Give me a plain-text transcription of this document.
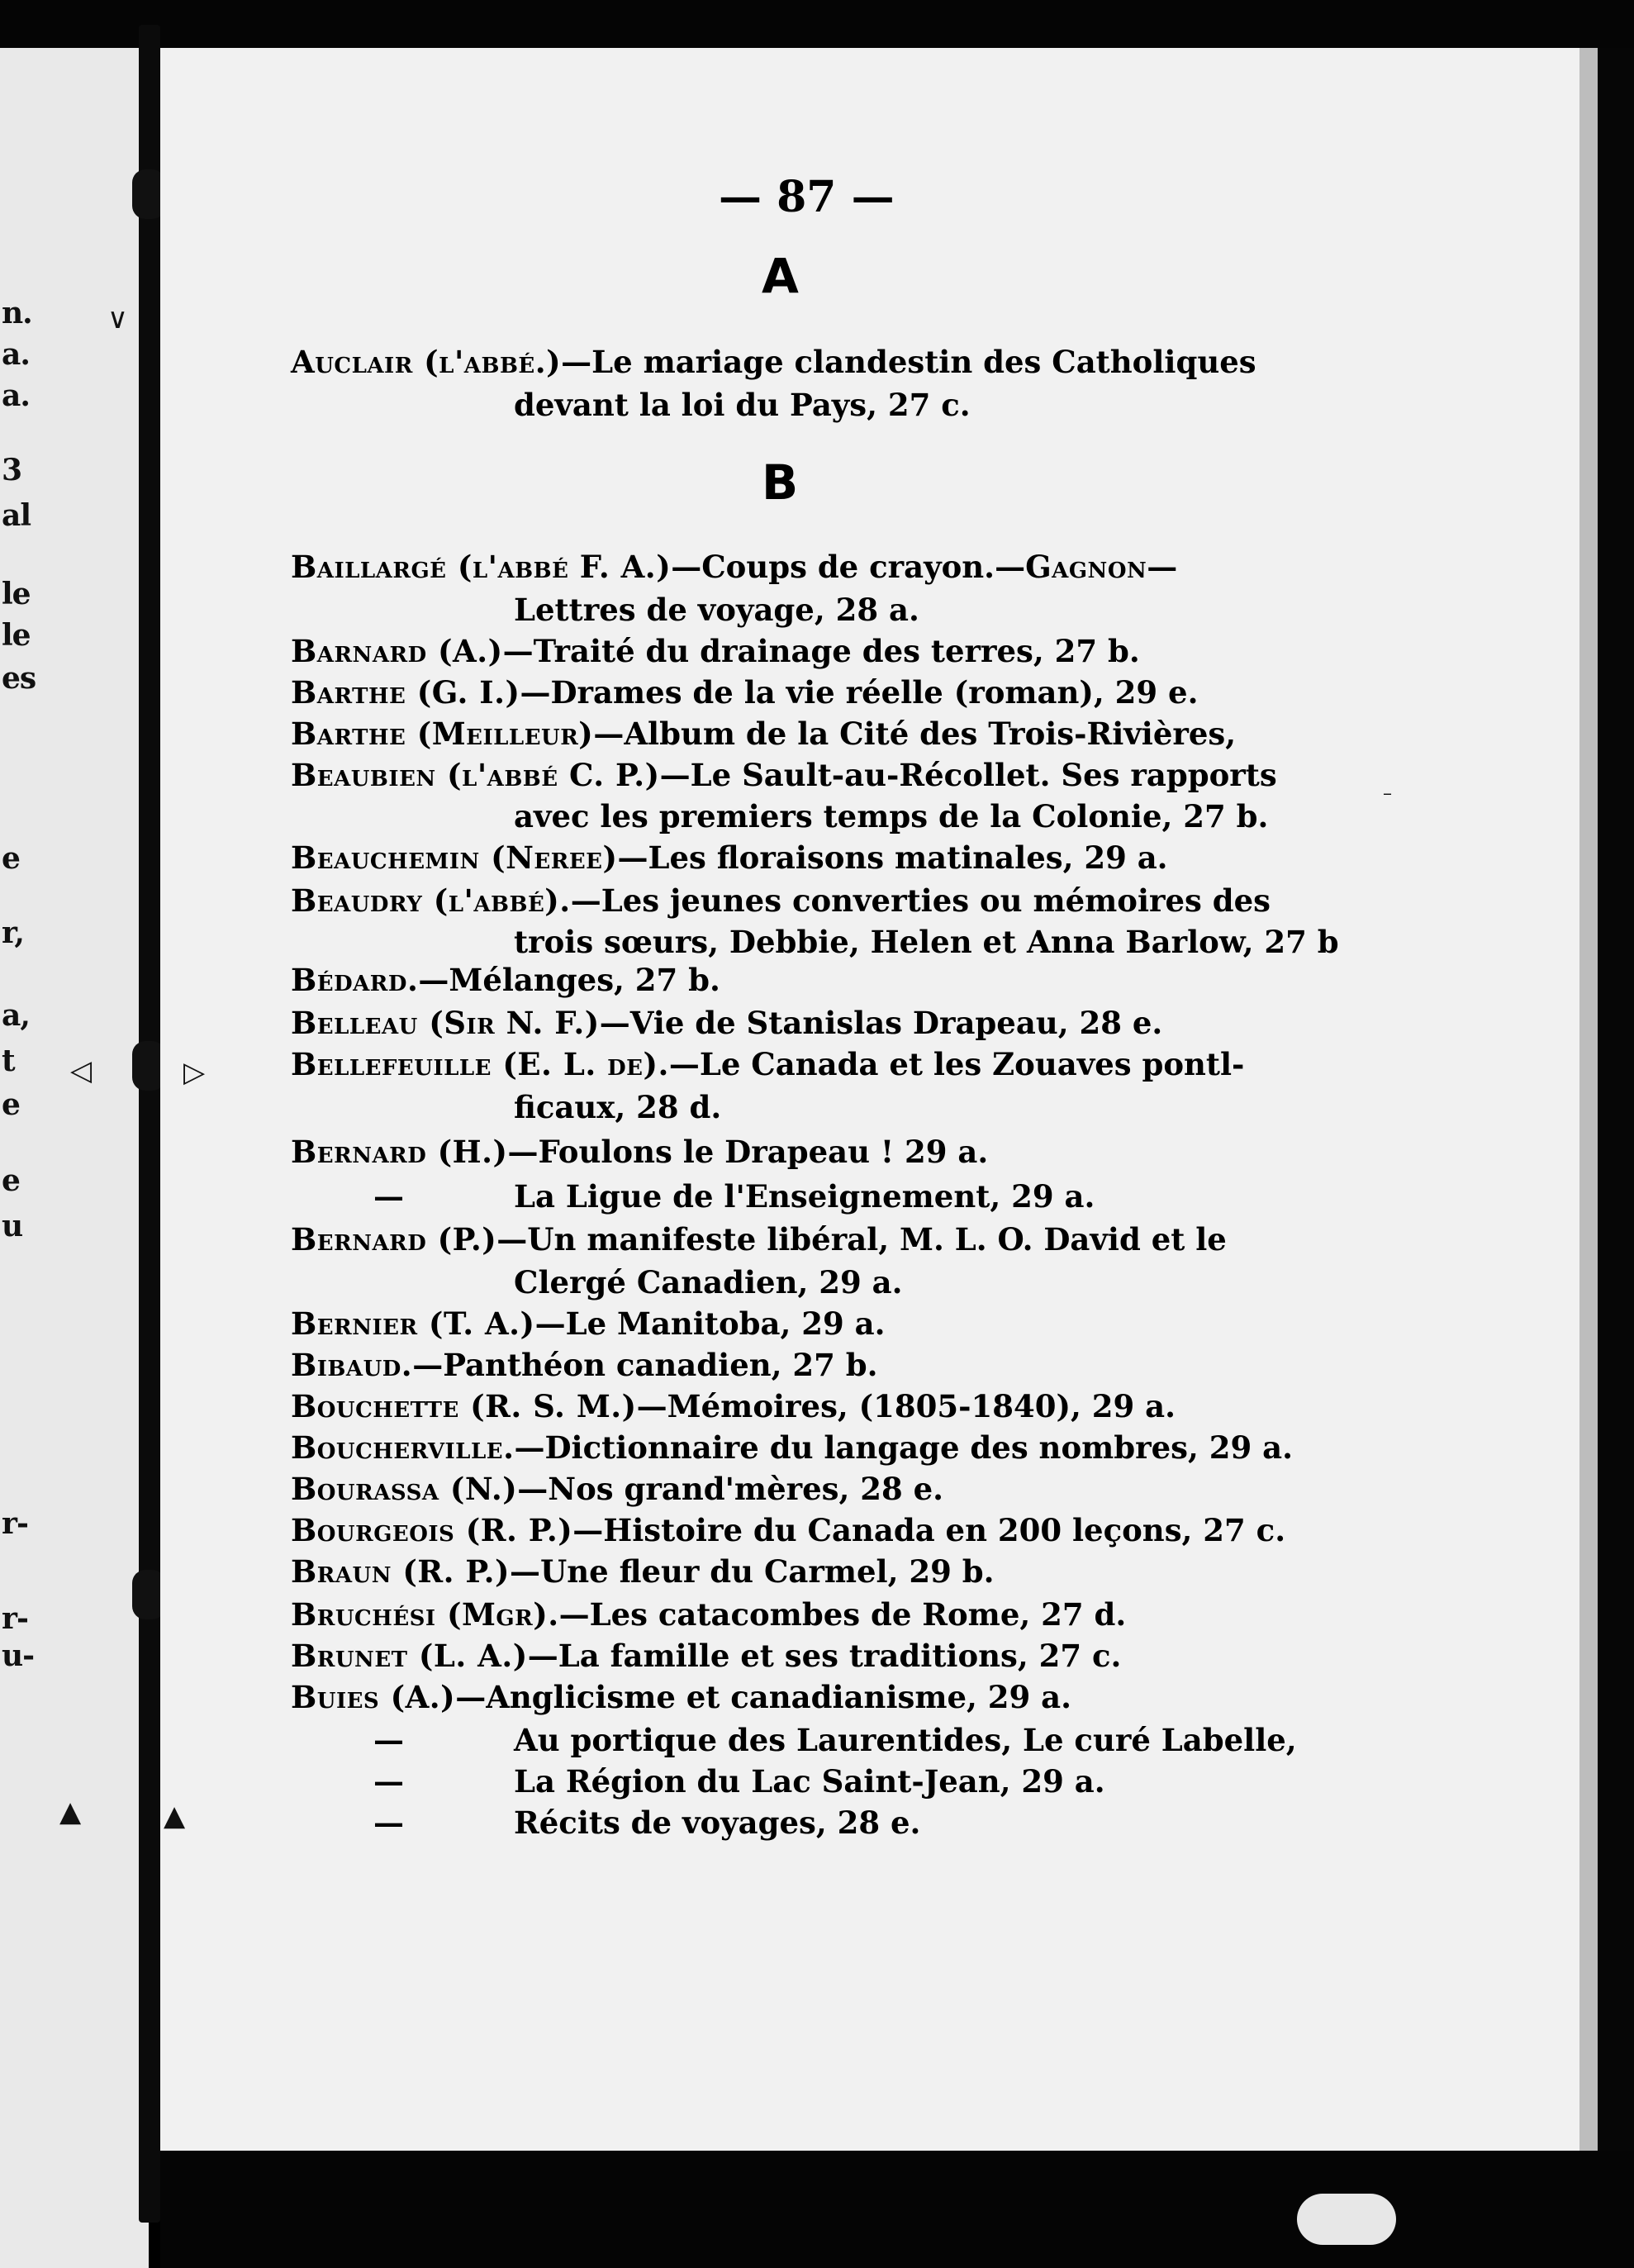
n.
a.
a.
3
al
le
le
es
e
r,
a,
t
e
e
u
r-
r-
u-
∨
◁
▲
▷
▲
–
— 87 —
A
B
Auclair (l'abbé.)—Le mariage clandestin des Catholiques
devant la loi du Pays, 27 c.
Baillargé (l'abbé F. A.)—Coups de crayon.—Gagnon—
Lettres de voyage, 28 a.
Barnard (A.)—Traité du drainage des terres, 27 b.
Barthe (G. I.)—Drames de la vie réelle (roman), 29 e.
Barthe (Meilleur)—Album de la Cité des Trois-Rivières,
Beaubien (l'abbé C. P.)—Le Sault-au-Récollet. Ses rapports
avec les premiers temps de la Colonie, 27 b.
Beauchemin (Neree)—Les floraisons matinales, 29 a.
Beaudry (l'abbé).—Les jeunes converties ou mémoires des
trois sœurs, Debbie, Helen et Anna Barlow, 27 b
Bédard.—Mélanges, 27 b.
Belleau (Sir N. F.)—Vie de Stanislas Drapeau, 28 e.
Bellefeuille (E. L. de).—Le Canada et les Zouaves pontl-
ficaux, 28 d.
Bernard (H.)—Foulons le Drapeau ! 29 a.
—	La Ligue de l'Enseignement, 29 a.
Bernard (P.)—Un manifeste libéral, M. L. O. David et le
Clergé Canadien, 29 a.
Bernier (T. A.)—Le Manitoba, 29 a.
Bibaud.—Panthéon canadien, 27 b.
Bouchette (R. S. M.)—Mémoires, (1805-1840), 29 a.
Boucherville.—Dictionnaire du langage des nombres, 29 a.
Bourassa (N.)—Nos grand'mères, 28 e.
Bourgeois (R. P.)—Histoire du Canada en 200 leçons, 27 c.
Braun (R. P.)—Une fleur du Carmel, 29 b.
Bruchési (Mgr).—Les catacombes de Rome, 27 d.
Brunet (L. A.)—La famille et ses traditions, 27 c.
Buies (A.)—Anglicisme et canadianisme, 29 a.
—	Au portique des Laurentides, Le curé Labelle,
—	La Région du Lac Saint-Jean, 29 a.
—	Récits de voyages, 28 e.
